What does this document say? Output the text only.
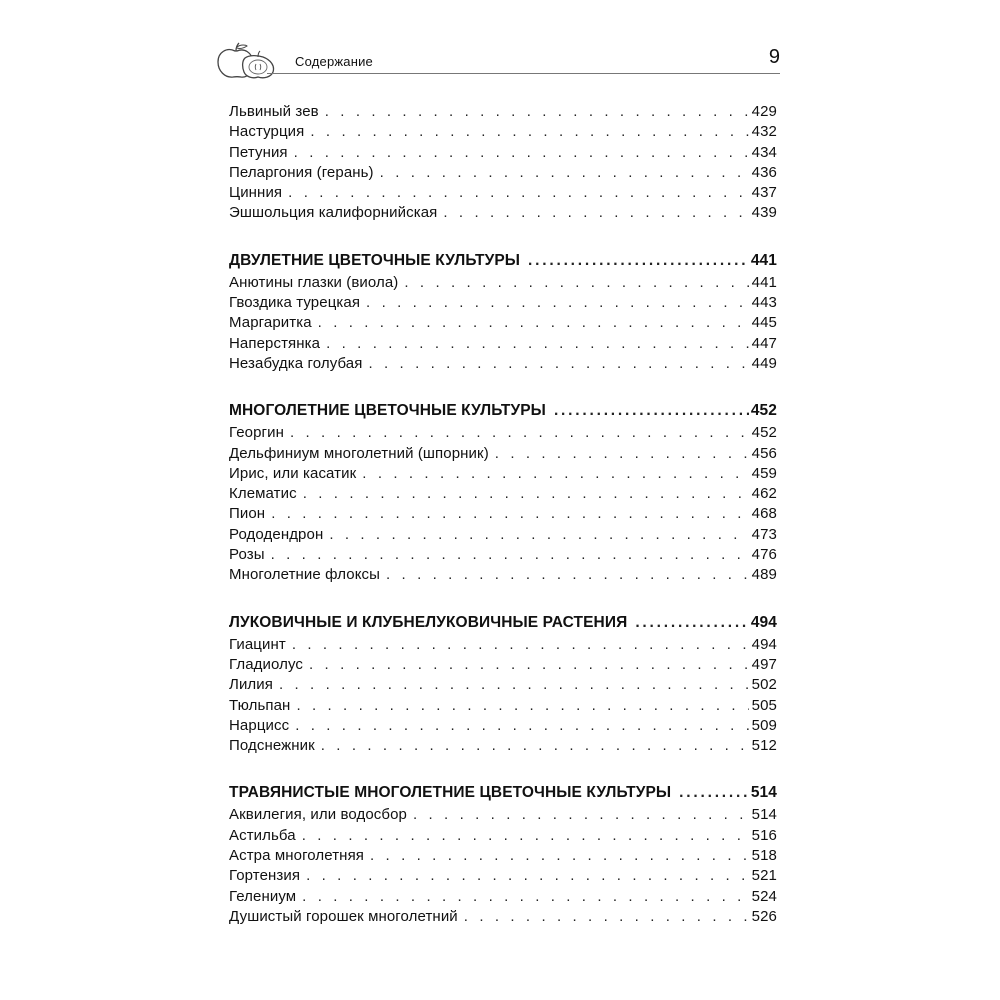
Содержание	9
Львиный зев . . .	429
Настурция . . .	432
Петуния . . .	434
Пеларгония (герань) . . .	436
Цинния . . .	437
Эшшольция калифорнийская . . .	439
ДВУЛЕТНИЕ ЦВЕТОЧНЫЕ КУЛЬТУРЫ .....	441
Анютины глазки (виола) . . .	441
Гвоздика турецкая . . .	443
Маргаритка . . .	445
Наперстянка . . .	447
Незабудка голубая . . .	449
МНОГОЛЕТНИЕ ЦВЕТОЧНЫЕ КУЛЬТУРЫ .....	452
Георгин . . .	452
Дельфиниум многолетний (шпорник) . . .	456
Ирис, или касатик . . .	459
Клематис . . .	462
Пион . . .	468
Рододендрон . . .	473
Розы . . .	476
Многолетние флоксы . . .	489
ЛУКОВИЧНЫЕ И КЛУБНЕЛУКОВИЧНЫЕ РАСТЕНИЯ .....	494
Гиацинт . . .	494
Гладиолус . . .	497
Лилия . . .	502
Тюльпан . . .	505
Нарцисс . . .	509
Подснежник . . .	512
ТРАВЯНИСТЫЕ МНОГОЛЕТНИЕ ЦВЕТОЧНЫЕ КУЛЬТУРЫ .....	514
Аквилегия, или водосбор . . .	514
Астильба . . .	516
Астра многолетняя . . .	518
Гортензия . . .	521
Гелениум . . .	524
Душистый горошек многолетний . . .	526
